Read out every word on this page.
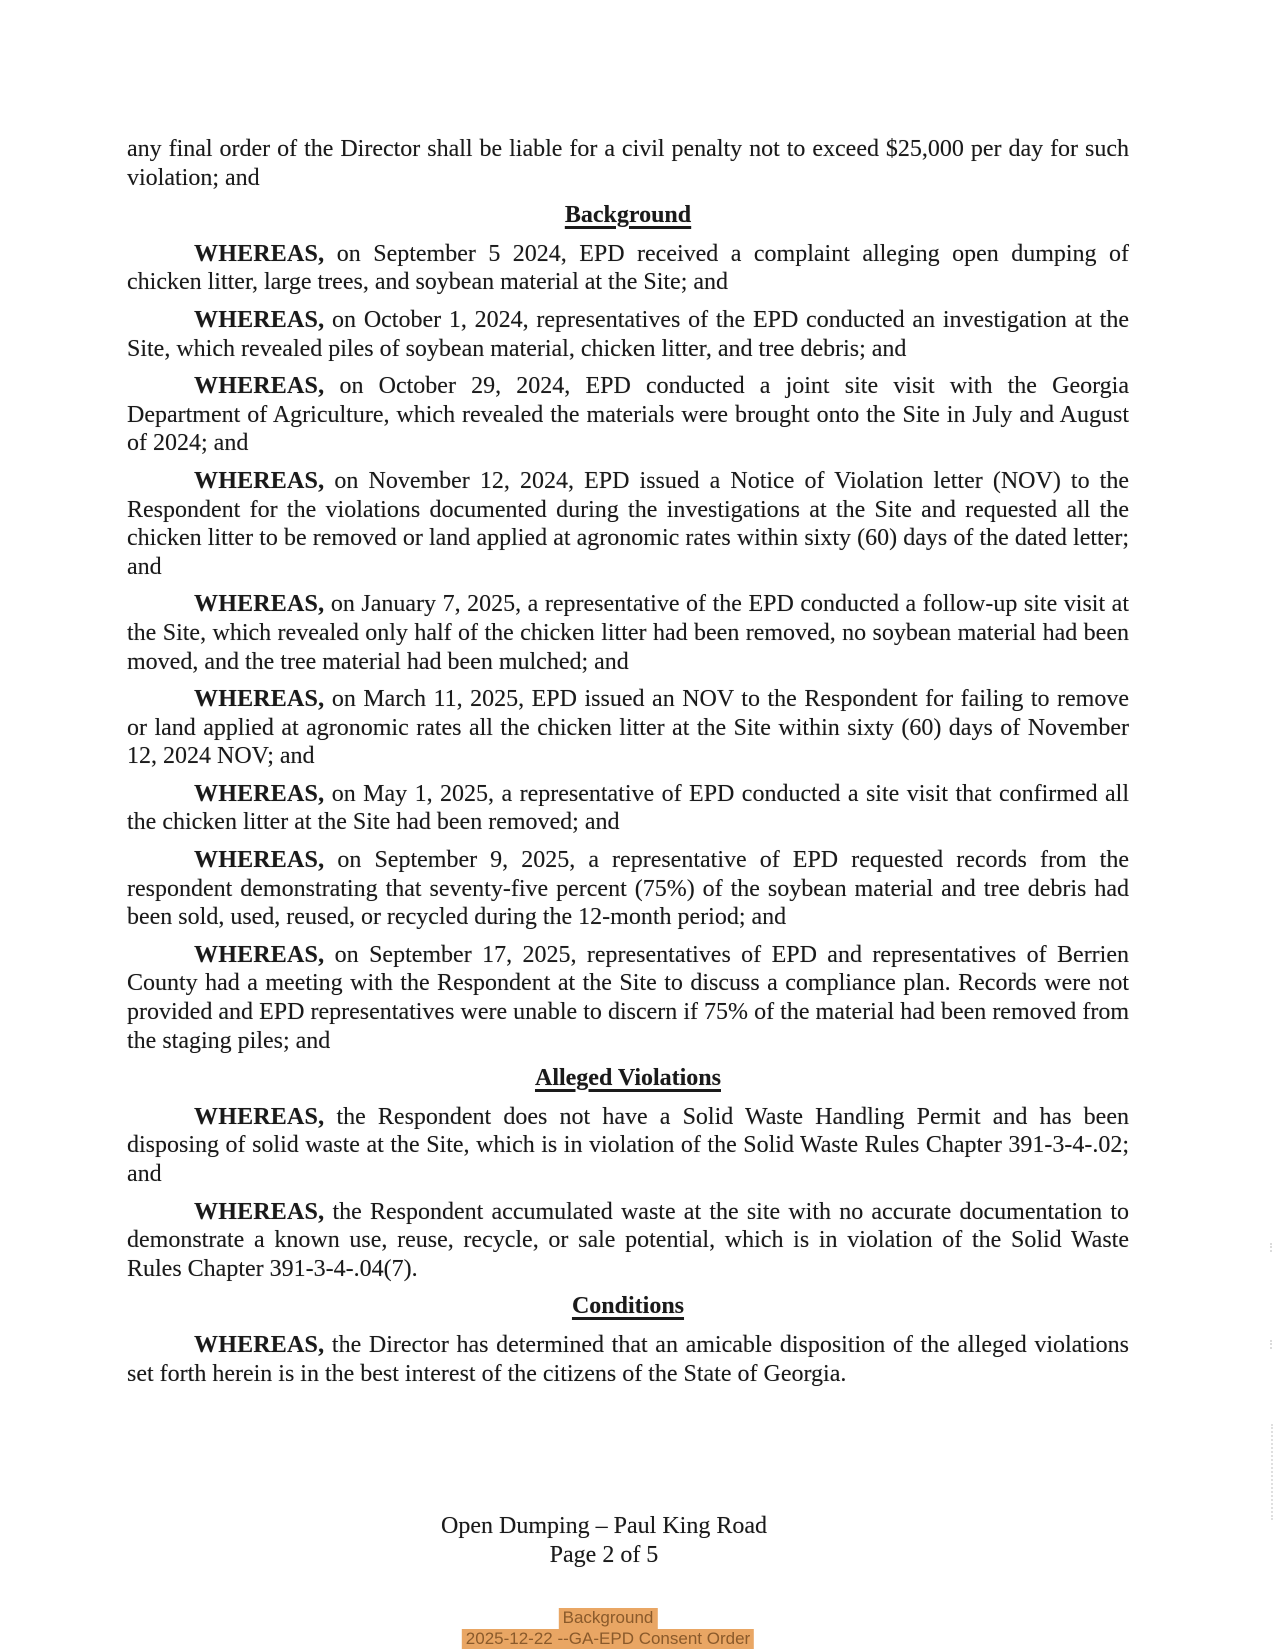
any final order of the Director shall be liable for a civil penalty not to exceed $25,000 per day for such violation; and

Background

WHEREAS, on September 5 2024, EPD received a complaint alleging open dumping of chicken litter, large trees, and soybean material at the Site; and

WHEREAS, on October 1, 2024, representatives of the EPD conducted an investigation at the Site, which revealed piles of soybean material, chicken litter, and tree debris; and

WHEREAS, on October 29, 2024, EPD conducted a joint site visit with the Georgia Department of Agriculture, which revealed the materials were brought onto the Site in July and August of 2024; and

WHEREAS, on November 12, 2024, EPD issued a Notice of Violation letter (NOV) to the Respondent for the violations documented during the investigations at the Site and requested all the chicken litter to be removed or land applied at agronomic rates within sixty (60) days of the dated letter; and

WHEREAS, on January 7, 2025, a representative of the EPD conducted a follow-up site visit at the Site, which revealed only half of the chicken litter had been removed, no soybean material had been moved, and the tree material had been mulched; and

WHEREAS, on March 11, 2025, EPD issued an NOV to the Respondent for failing to remove or land applied at agronomic rates all the chicken litter at the Site within sixty (60) days of November 12, 2024 NOV; and

WHEREAS, on May 1, 2025, a representative of EPD conducted a site visit that confirmed all the chicken litter at the Site had been removed; and

WHEREAS, on September 9, 2025, a representative of EPD requested records from the respondent demonstrating that seventy-five percent (75%) of the soybean material and tree debris had been sold, used, reused, or recycled during the 12-month period; and

WHEREAS, on September 17, 2025, representatives of EPD and representatives of Berrien County had a meeting with the Respondent at the Site to discuss a compliance plan. Records were not provided and EPD representatives were unable to discern if 75% of the material had been removed from the staging piles; and

Alleged Violations

WHEREAS, the Respondent does not have a Solid Waste Handling Permit and has been disposing of solid waste at the Site, which is in violation of the Solid Waste Rules Chapter 391-3-4-.02; and

WHEREAS, the Respondent accumulated waste at the site with no accurate documentation to demonstrate a known use, reuse, recycle, or sale potential, which is in violation of the Solid Waste Rules Chapter 391-3-4-.04(7).

Conditions

WHEREAS, the Director has determined that an amicable disposition of the alleged violations set forth herein is in the best interest of the citizens of the State of Georgia.

Open Dumping – Paul King Road
Page 2 of 5
Background
2025-12-22 --GA-EPD Consent Order
